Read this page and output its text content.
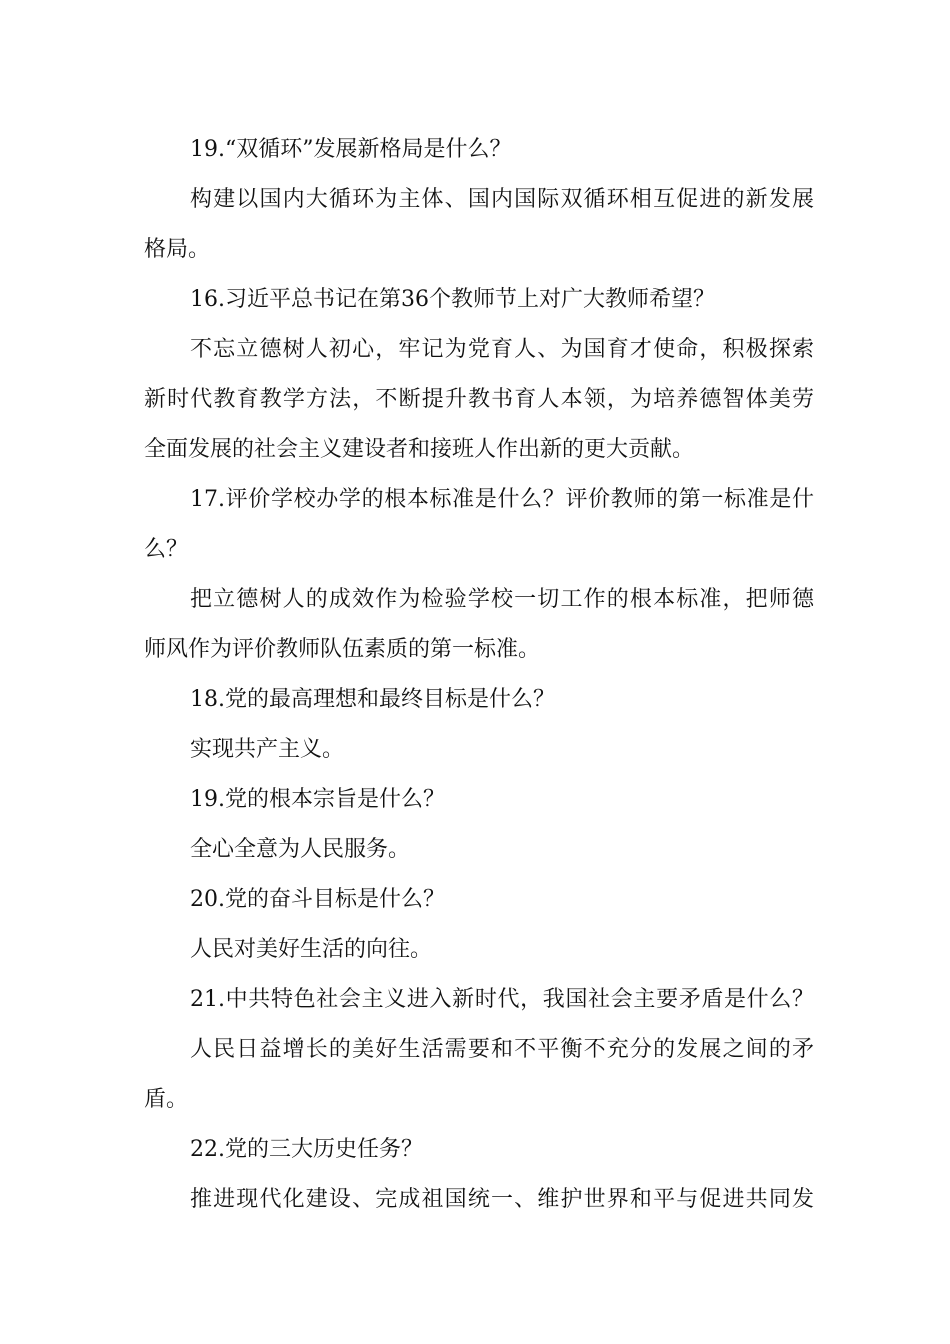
19.“双循环”发展新格局是什么？

构建以国内大循环为主体、国内国际双循环相互促进的新发展

格局。

16.习近平总书记在第36个教师节上对广大教师希望？

不忘立德树人初心，牢记为党育人、为国育才使命，积极探索

新时代教育教学方法，不断提升教书育人本领，为培养德智体美劳

全面发展的社会主义建设者和接班人作出新的更大贡献。

17.评价学校办学的根本标准是什么？评价教师的第一标准是什

么？

把立德树人的成效作为检验学校一切工作的根本标准，把师德

师风作为评价教师队伍素质的第一标准。

18.党的最高理想和最终目标是什么？

实现共产主义。

19.党的根本宗旨是什么？

全心全意为人民服务。

20.党的奋斗目标是什么？

人民对美好生活的向往。

21.中共特色社会主义进入新时代，我国社会主要矛盾是什么？

人民日益增长的美好生活需要和不平衡不充分的发展之间的矛

盾。

22.党的三大历史任务？

推进现代化建设、完成祖国统一、维护世界和平与促进共同发
